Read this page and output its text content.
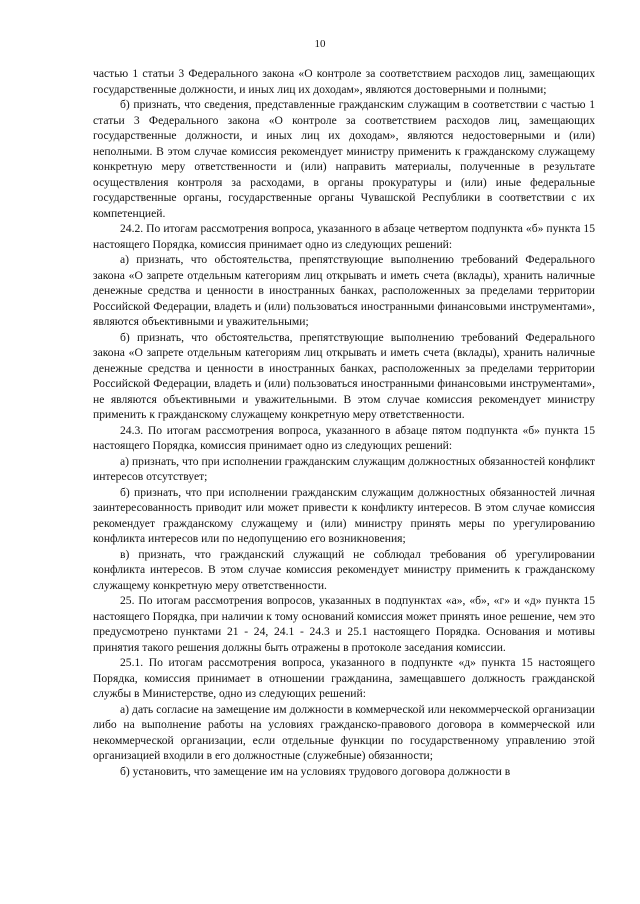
10

частью 1 статьи 3 Федерального закона «О контроле за соответствием расходов лиц, замещающих государственные должности, и иных лиц их доходам», являются достоверными и полными;

б) признать, что сведения, представленные гражданским служащим в соответствии с частью 1 статьи 3 Федерального закона «О контроле за соответствием расходов лиц, замещающих государственные должности, и иных лиц их доходам», являются недостоверными и (или) неполными. В этом случае комиссия рекомендует министру применить к гражданскому служащему конкретную меру ответственности и (или) направить материалы, полученные в результате осуществления контроля за расходами, в органы прокуратуры и (или) иные федеральные государственные органы, государственные органы Чувашской Республики в соответствии с их компетенцией.

24.2. По итогам рассмотрения вопроса, указанного в абзаце четвертом подпункта «б» пункта 15 настоящего Порядка, комиссия принимает одно из следующих решений:

а) признать, что обстоятельства, препятствующие выполнению требований Федерального закона «О запрете отдельным категориям лиц открывать и иметь счета (вклады), хранить наличные денежные средства и ценности в иностранных банках, расположенных за пределами территории Российской Федерации, владеть и (или) пользоваться иностранными финансовыми инструментами», являются объективными и уважительными;

б) признать, что обстоятельства, препятствующие выполнению требований Федерального закона «О запрете отдельным категориям лиц открывать и иметь счета (вклады), хранить наличные денежные средства и ценности в иностранных банках, расположенных за пределами территории Российской Федерации, владеть и (или) пользоваться иностранными финансовыми инструментами», не являются объективными и уважительными. В этом случае комиссия рекомендует министру применить к гражданскому служащему конкретную меру ответственности.

24.3. По итогам рассмотрения вопроса, указанного в абзаце пятом подпункта «б» пункта 15 настоящего Порядка, комиссия принимает одно из следующих решений:

а) признать, что при исполнении гражданским служащим должностных обязанностей конфликт интересов отсутствует;

б) признать, что при исполнении гражданским служащим должностных обязанностей личная заинтересованность приводит или может привести к конфликту интересов. В этом случае комиссия рекомендует гражданскому служащему и (или) министру принять меры по урегулированию конфликта интересов или по недопущению его возникновения;

в) признать, что гражданский служащий не соблюдал требования об урегулировании конфликта интересов. В этом случае комиссия рекомендует министру применить к гражданскому служащему конкретную меру ответственности.

25. По итогам рассмотрения вопросов, указанных в подпунктах «а», «б», «г» и «д» пункта 15 настоящего Порядка, при наличии к тому оснований комиссия может принять иное решение, чем это предусмотрено пунктами 21 - 24, 24.1 - 24.3 и 25.1 настоящего Порядка. Основания и мотивы принятия такого решения должны быть отражены в протоколе заседания комиссии.

25.1. По итогам рассмотрения вопроса, указанного в подпункте «д» пункта 15 настоящего Порядка, комиссия принимает в отношении гражданина, замещавшего должность гражданской службы в Министерстве, одно из следующих решений:

а) дать согласие на замещение им должности в коммерческой или некоммерческой организации либо на выполнение работы на условиях гражданско-правового договора в коммерческой или некоммерческой организации, если отдельные функции по государственному управлению этой организацией входили в его должностные (служебные) обязанности;

б) установить, что замещение им на условиях трудового договора должности в
